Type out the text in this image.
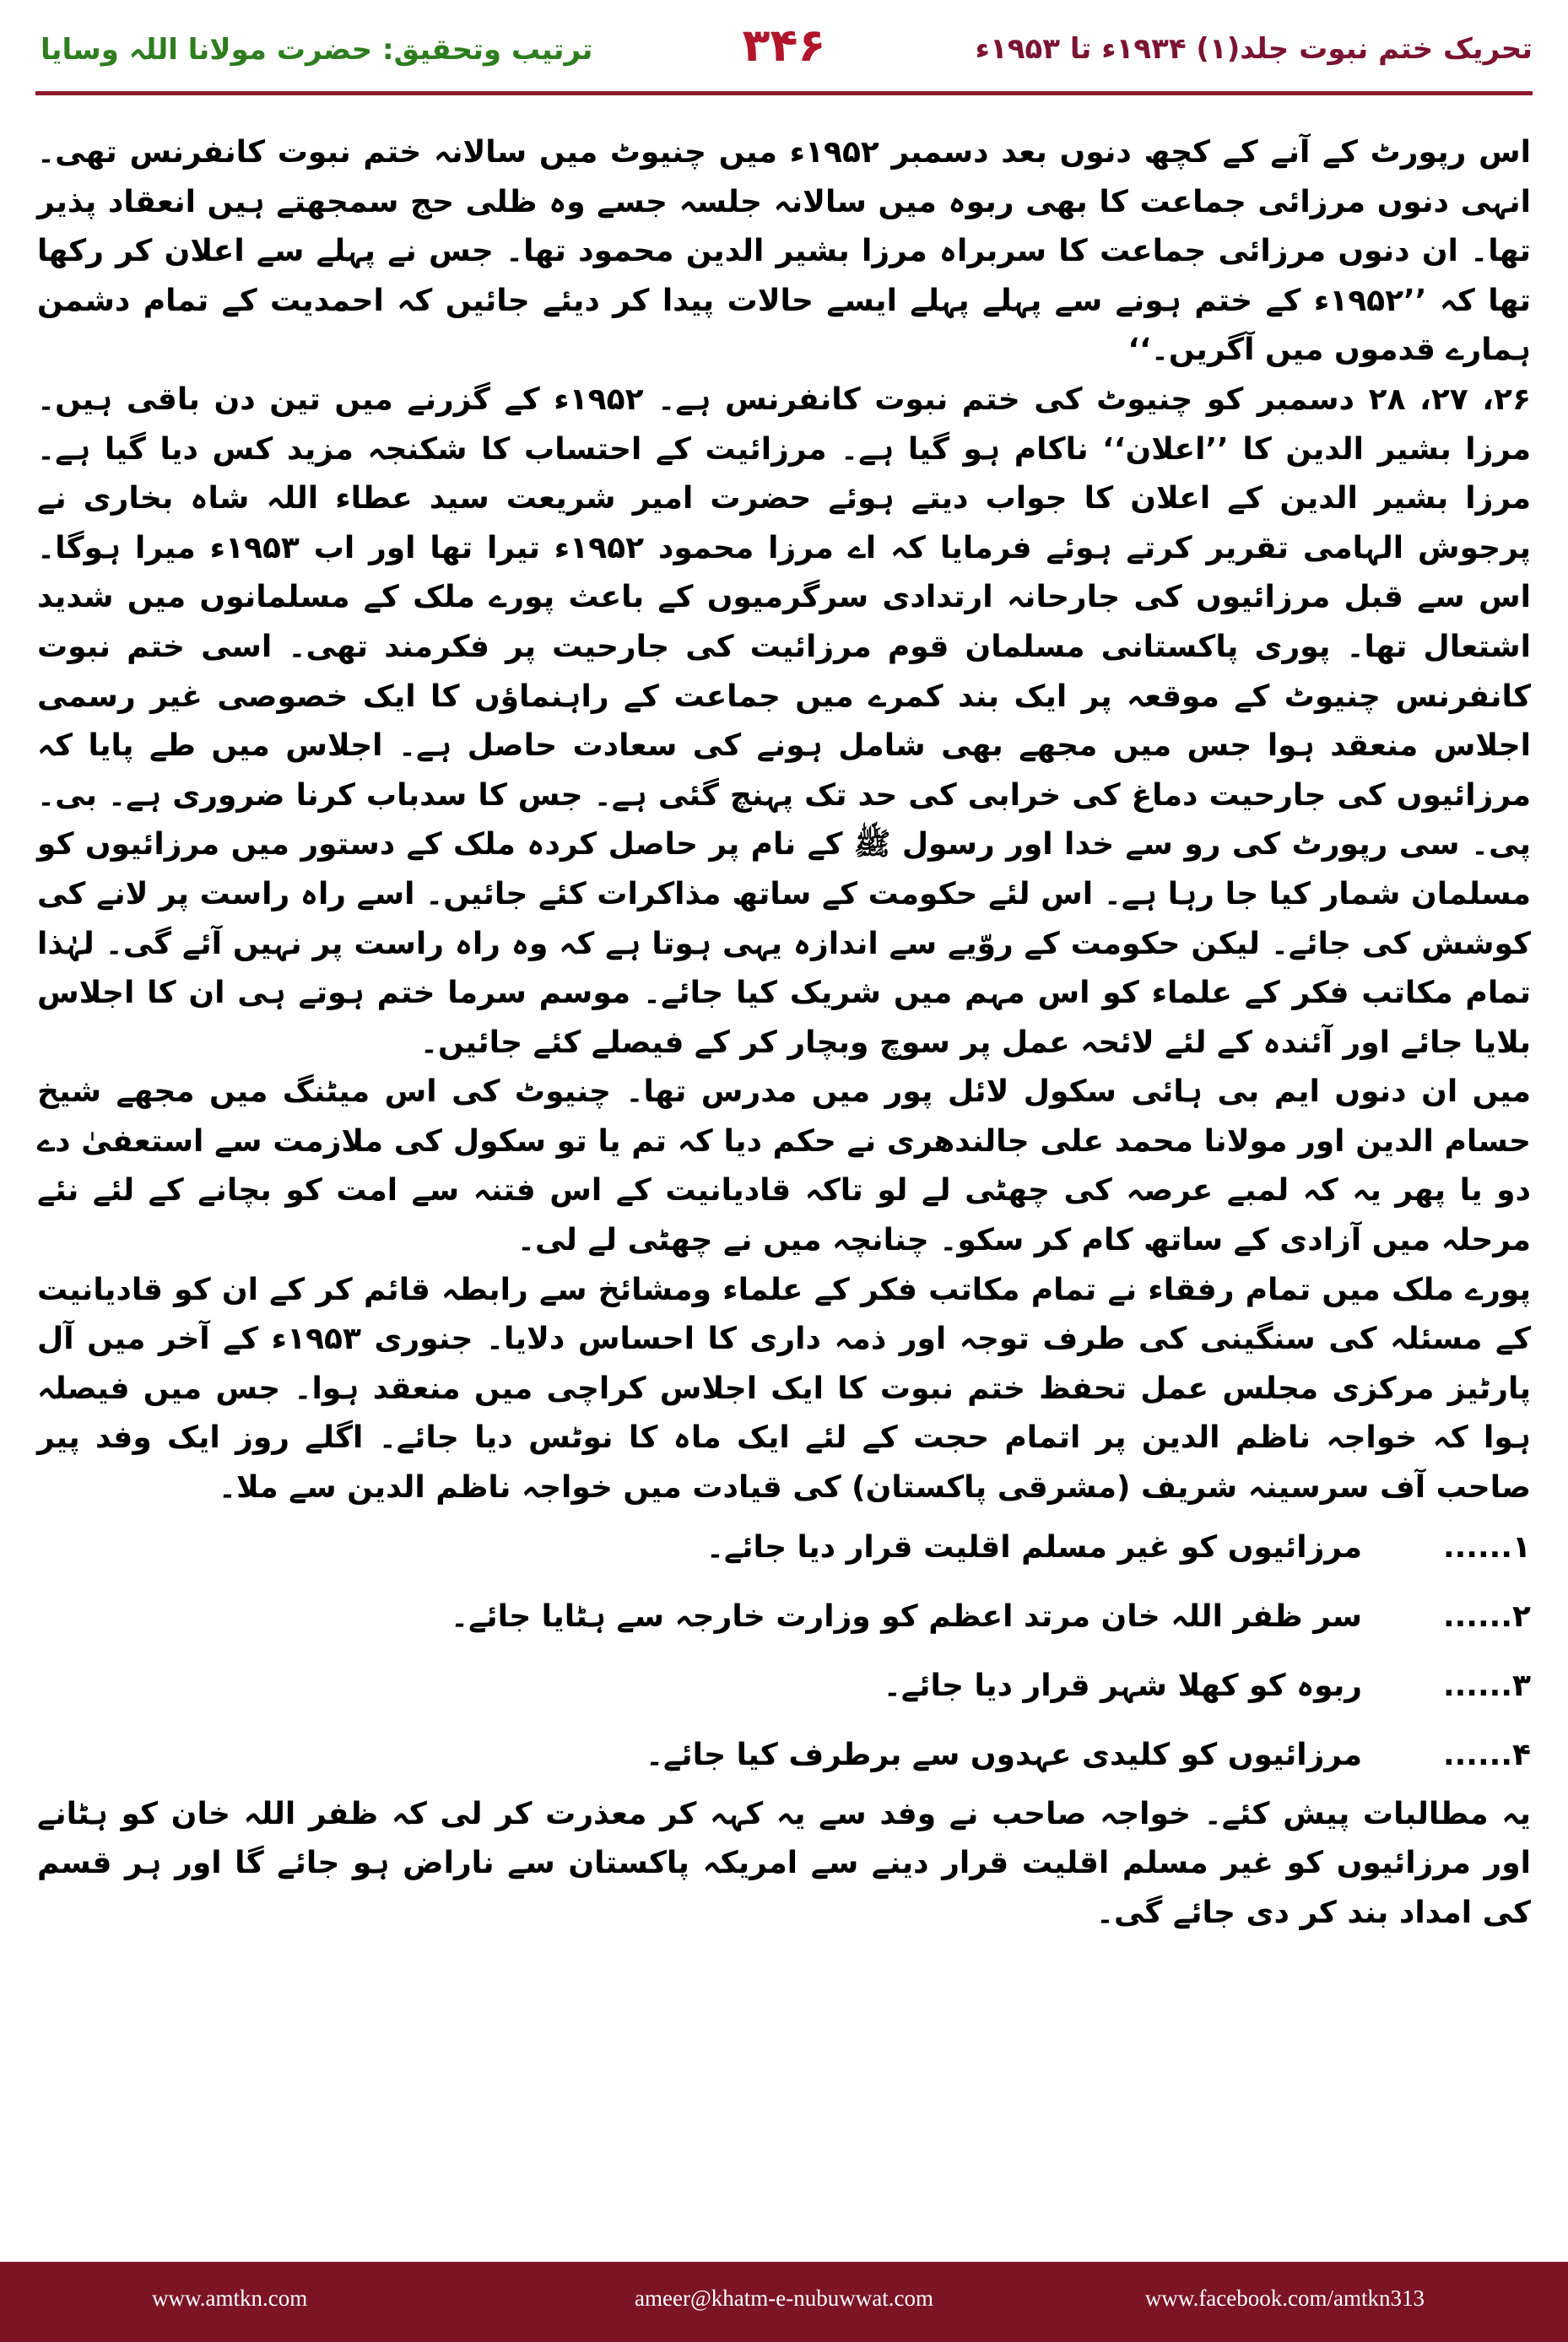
ترتیب وتحقیق: حضرت مولانا اللہ وسایا	۳۴۶	تحریک ختم نبوت جلد(۱) ۱۹۳۴ء تا ۱۹۵۳ء

اس رپورٹ کے آنے کے کچھ دنوں بعد دسمبر ۱۹۵۲ء میں چنیوٹ میں سالانہ ختم نبوت کانفرنس تھی۔ انہی دنوں مرزائی جماعت کا بھی ربوہ میں سالانہ جلسہ جسے وہ ظلی حج سمجھتے ہیں انعقاد پذیر تھا۔ ان دنوں مرزائی جماعت کا سربراہ مرزا بشیر الدین محمود تھا۔ جس نے پہلے سے اعلان کر رکھا تھا کہ ’’۱۹۵۲ء کے ختم ہونے سے پہلے پہلے ایسے حالات پیدا کر دیئے جائیں کہ احمدیت کے تمام دشمن ہمارے قدموں میں آگریں۔‘‘

۲۶، ۲۷، ۲۸ دسمبر کو چنیوٹ کی ختم نبوت کانفرنس ہے۔ ۱۹۵۲ء کے گزرنے میں تین دن باقی ہیں۔ مرزا بشیر الدین کا ’’اعلان‘‘ ناکام ہو گیا ہے۔ مرزائیت کے احتساب کا شکنجہ مزید کس دیا گیا ہے۔ مرزا بشیر الدین کے اعلان کا جواب دیتے ہوئے حضرت امیر شریعت سید عطاء اللہ شاہ بخاری نے پرجوش الہامی تقریر کرتے ہوئے فرمایا کہ اے مرزا محمود ۱۹۵۲ء تیرا تھا اور اب ۱۹۵۳ء میرا ہوگا۔ اس سے قبل مرزائیوں کی جارحانہ ارتدادی سرگرمیوں کے باعث پورے ملک کے مسلمانوں میں شدید اشتعال تھا۔ پوری پاکستانی مسلمان قوم مرزائیت کی جارحیت پر فکرمند تھی۔ اسی ختم نبوت کانفرنس چنیوٹ کے موقعہ پر ایک بند کمرے میں جماعت کے راہنماؤں کا ایک خصوصی غیر رسمی اجلاس منعقد ہوا جس میں مجھے بھی شامل ہونے کی سعادت حاصل ہے۔ اجلاس میں طے پایا کہ مرزائیوں کی جارحیت دماغ کی خرابی کی حد تک پہنچ گئی ہے۔ جس کا سدباب کرنا ضروری ہے۔ بی۔ پی۔ سی رپورٹ کی رو سے خدا اور رسول ﷺ کے نام پر حاصل کردہ ملک کے دستور میں مرزائیوں کو مسلمان شمار کیا جا رہا ہے۔ اس لئے حکومت کے ساتھ مذاکرات کئے جائیں۔ اسے راہ راست پر لانے کی کوشش کی جائے۔ لیکن حکومت کے روّیے سے اندازہ یہی ہوتا ہے کہ وہ راہ راست پر نہیں آئے گی۔ لہٰذا تمام مکاتب فکر کے علماء کو اس مہم میں شریک کیا جائے۔ موسم سرما ختم ہوتے ہی ان کا اجلاس بلایا جائے اور آئندہ کے لئے لائحہ عمل پر سوچ وبچار کر کے فیصلے کئے جائیں۔

میں ان دنوں ایم بی ہائی سکول لائل پور میں مدرس تھا۔ چنیوٹ کی اس میٹنگ میں مجھے شیخ حسام الدین اور مولانا محمد علی جالندھری نے حکم دیا کہ تم یا تو سکول کی ملازمت سے استعفیٰ دے دو یا پھر یہ کہ لمبے عرصہ کی چھٹی لے لو تاکہ قادیانیت کے اس فتنہ سے امت کو بچانے کے لئے نئے مرحلہ میں آزادی کے ساتھ کام کر سکو۔ چنانچہ میں نے چھٹی لے لی۔

پورے ملک میں تمام رفقاء نے تمام مکاتب فکر کے علماء ومشائخ سے رابطہ قائم کر کے ان کو قادیانیت کے مسئلہ کی سنگینی کی طرف توجہ اور ذمہ داری کا احساس دلایا۔ جنوری ۱۹۵۳ء کے آخر میں آل پارٹیز مرکزی مجلس عمل تحفظ ختم نبوت کا ایک اجلاس کراچی میں منعقد ہوا۔ جس میں فیصلہ ہوا کہ خواجہ ناظم الدین پر اتمام حجت کے لئے ایک ماہ کا نوٹس دیا جائے۔ اگلے روز ایک وفد پیر صاحب آف سرسینہ شریف (مشرقی پاکستان) کی قیادت میں خواجہ ناظم الدین سے ملا۔

۱......
مرزائیوں کو غیر مسلم اقلیت قرار دیا جائے۔
۲......
سر ظفر اللہ خان مرتد اعظم کو وزارت خارجہ سے ہٹایا جائے۔
۳......
ربوہ کو کھلا شہر قرار دیا جائے۔
۴......
مرزائیوں کو کلیدی عہدوں سے برطرف کیا جائے۔

یہ مطالبات پیش کئے۔ خواجہ صاحب نے وفد سے یہ کہہ کر معذرت کر لی کہ ظفر اللہ خان کو ہٹانے اور مرزائیوں کو غیر مسلم اقلیت قرار دینے سے امریکہ پاکستان سے ناراض ہو جائے گا اور ہر قسم کی امداد بند کر دی جائے گی۔

www.amtkn.com	ameer@khatm-e-nubuwwat.com	www.facebook.com/amtkn313
